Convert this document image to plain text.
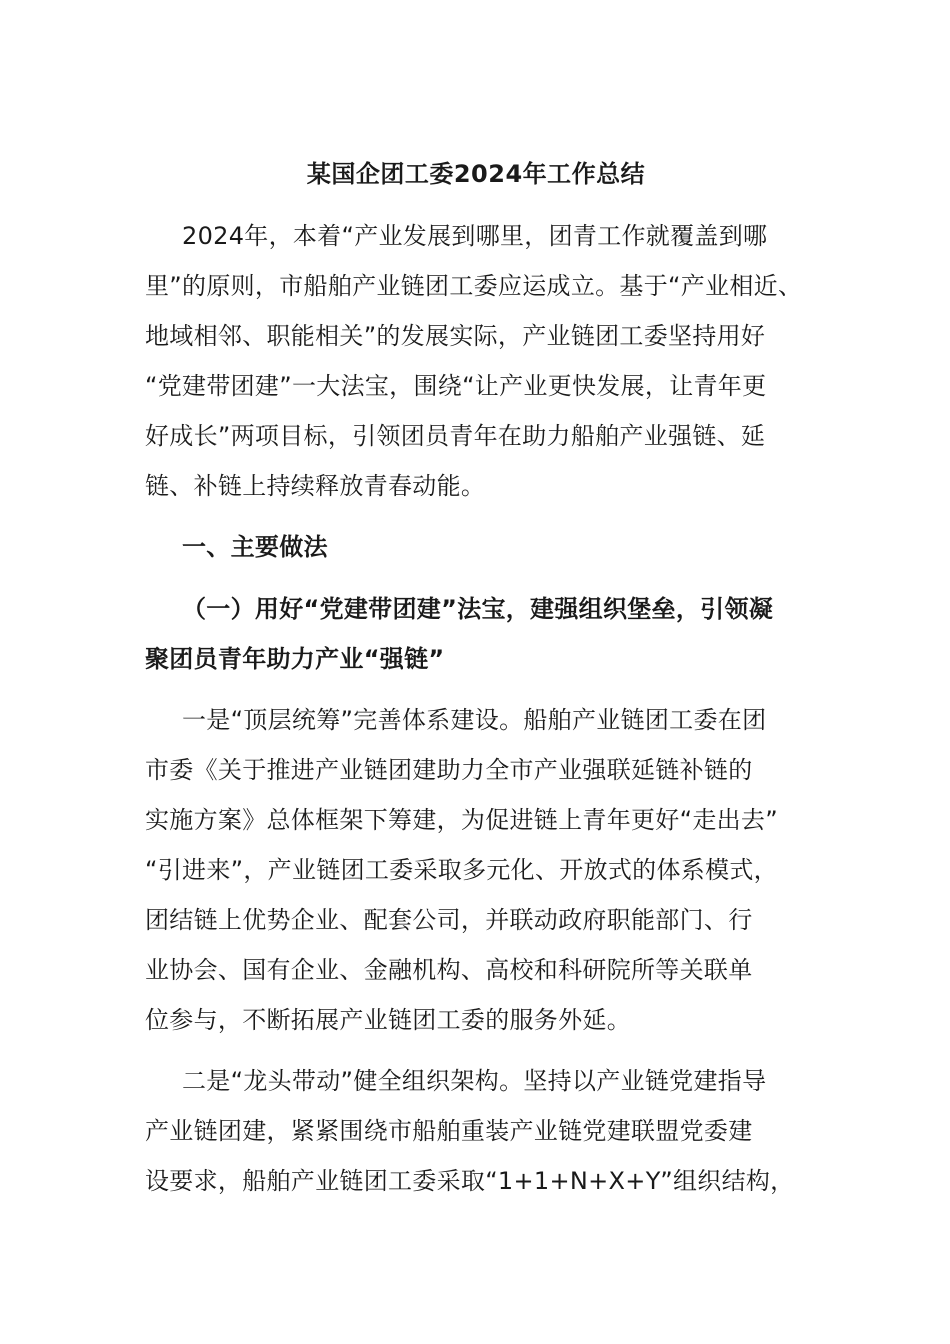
某国企团工委2024年工作总结
2024年，本着“产业发展到哪里，团青工作就覆盖到哪
里”的原则，市船舶产业链团工委应运成立。基于“产业相近、
地域相邻、职能相关”的发展实际，产业链团工委坚持用好
“党建带团建”一大法宝，围绕“让产业更快发展，让青年更
好成长”两项目标，引领团员青年在助力船舶产业强链、延
链、补链上持续释放青春动能。
一、主要做法
（一）用好“党建带团建”法宝，建强组织堡垒，引领凝
聚团员青年助力产业“强链”
一是“顶层统筹”完善体系建设。船舶产业链团工委在团
市委《关于推进产业链团建助力全市产业强联延链补链的
实施方案》总体框架下筹建，为促进链上青年更好“走出去”
“引进来”，产业链团工委采取多元化、开放式的体系模式，
团结链上优势企业、配套公司，并联动政府职能部门、行
业协会、国有企业、金融机构、高校和科研院所等关联单
位参与，不断拓展产业链团工委的服务外延。
二是“龙头带动”健全组织架构。坚持以产业链党建指导
产业链团建，紧紧围绕市船舶重装产业链党建联盟党委建
设要求，船舶产业链团工委采取“1+1+N+X+Y”组织结构，
